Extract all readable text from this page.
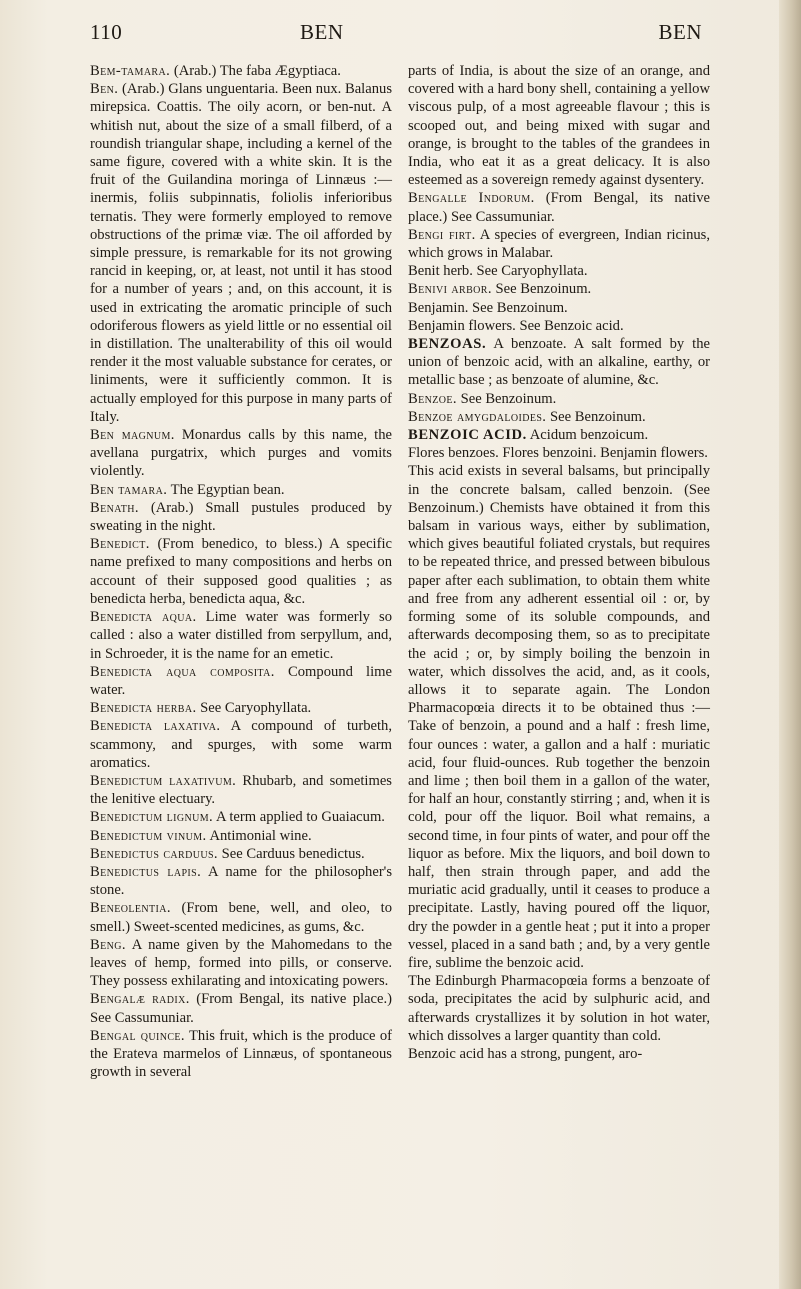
110	BEN	BEN

Bem-tamara. (Arab.) The faba Ægyptiaca.

Ben. (Arab.) Glans unguentaria. Been nux. Balanus mirepsica. Coattis. The oily acorn, or ben-nut. A whitish nut, about the size of a small filberd, of a roundish triangular shape, including a kernel of the same figure, covered with a white skin. It is the fruit of the Guilandina moringa of Linnæus :—inermis, foliis subpinnatis, foliolis inferioribus ternatis. They were formerly employed to remove obstructions of the primæ viæ. The oil afforded by simple pressure, is remarkable for its not growing rancid in keeping, or, at least, not until it has stood for a number of years ; and, on this account, it is used in extricating the aromatic principle of such odoriferous flowers as yield little or no essential oil in distillation. The unalterability of this oil would render it the most valuable substance for cerates, or liniments, were it sufficiently common. It is actually employed for this purpose in many parts of Italy.

Ben magnum. Monardus calls by this name, the avellana purgatrix, which purges and vomits violently.

Ben tamara. The Egyptian bean.

Benath. (Arab.) Small pustules produced by sweating in the night.

Benedict. (From benedico, to bless.) A specific name prefixed to many compositions and herbs on account of their supposed good qualities ; as benedicta herba, benedicta aqua, &c.

Benedicta aqua. Lime water was formerly so called : also a water distilled from serpyllum, and, in Schroeder, it is the name for an emetic.

Benedicta aqua composita. Compound lime water.

Benedicta herba. See Caryophyllata.

Benedicta laxativa. A compound of turbeth, scammony, and spurges, with some warm aromatics.

Benedictum laxativum. Rhubarb, and sometimes the lenitive electuary.

Benedictum lignum. A term applied to Guaiacum.

Benedictum vinum. Antimonial wine.

Benedictus carduus. See Carduus benedictus.

Benedictus lapis. A name for the philosopher's stone.

Beneolentia. (From bene, well, and oleo, to smell.) Sweet-scented medicines, as gums, &c.

Beng. A name given by the Mahomedans to the leaves of hemp, formed into pills, or conserve. They possess exhilarating and intoxicating powers.

Bengalæ radix. (From Bengal, its native place.) See Cassumuniar.

Bengal quince. This fruit, which is the produce of the Erateva marmelos of Linnæus, of spontaneous growth in several

parts of India, is about the size of an orange, and covered with a hard bony shell, containing a yellow viscous pulp, of a most agreeable flavour ; this is scooped out, and being mixed with sugar and orange, is brought to the tables of the grandees in India, who eat it as a great delicacy. It is also esteemed as a sovereign remedy against dysentery.

Bengalle Indorum. (From Bengal, its native place.) See Cassumuniar.

Bengi firt. A species of evergreen, Indian ricinus, which grows in Malabar.

Benit herb. See Caryophyllata.

Benivi arbor. See Benzoinum.

Benjamin. See Benzoinum.

Benjamin flowers. See Benzoic acid.

BENZOAS. A benzoate. A salt formed by the union of benzoic acid, with an alkaline, earthy, or metallic base ; as benzoate of alumine, &c.

Benzoe. See Benzoinum.

Benzoe amygdaloides. See Benzoinum.

BENZOIC ACID. Acidum benzoicum.

Flores benzoes. Flores benzoini. Benjamin flowers.

This acid exists in several balsams, but principally in the concrete balsam, called benzoin. (See Benzoinum.) Chemists have obtained it from this balsam in various ways, either by sublimation, which gives beautiful foliated crystals, but requires to be repeated thrice, and pressed between bibulous paper after each sublimation, to obtain them white and free from any adherent essential oil : or, by forming some of its soluble compounds, and afterwards decomposing them, so as to precipitate the acid ; or, by simply boiling the benzoin in water, which dissolves the acid, and, as it cools, allows it to separate again. The London Pharmacopœia directs it to be obtained thus :—Take of benzoin, a pound and a half : fresh lime, four ounces : water, a gallon and a half : muriatic acid, four fluid-ounces. Rub together the benzoin and lime ; then boil them in a gallon of the water, for half an hour, constantly stirring ; and, when it is cold, pour off the liquor. Boil what remains, a second time, in four pints of water, and pour off the liquor as before. Mix the liquors, and boil down to half, then strain through paper, and add the muriatic acid gradually, until it ceases to produce a precipitate. Lastly, having poured off the liquor, dry the powder in a gentle heat ; put it into a proper vessel, placed in a sand bath ; and, by a very gentle fire, sublime the benzoic acid.

The Edinburgh Pharmacopœia forms a benzoate of soda, precipitates the acid by sulphuric acid, and afterwards crystallizes it by solution in hot water, which dissolves a larger quantity than cold.

Benzoic acid has a strong, pungent, aro-
